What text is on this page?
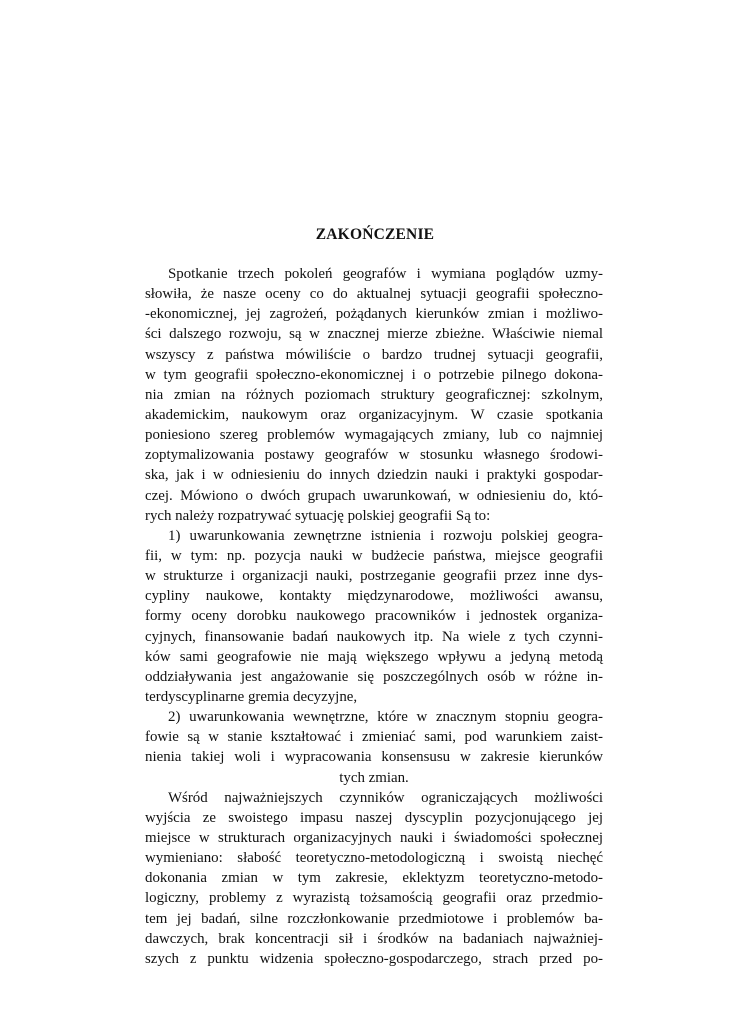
ZAKOŃCZENIE
Spotkanie trzech pokoleń geografów i wymiana poglądów uzmy-
słowiła, że nasze oceny co do aktualnej sytuacji geografii społeczno-
-ekonomicznej, jej zagrożeń, pożądanych kierunków zmian i możliwo-
ści dalszego rozwoju, są w znacznej mierze zbieżne. Właściwie niemal
wszyscy z państwa mówiliście o bardzo trudnej sytuacji geografii,
w tym geografii społeczno-ekonomicznej i o potrzebie pilnego dokona-
nia zmian na różnych poziomach struktury geograficznej: szkolnym,
akademickim, naukowym oraz organizacyjnym. W czasie spotkania
poniesiono szereg problemów wymagających zmiany, lub co najmniej
zoptymalizowania postawy geografów w stosunku własnego środowi-
ska, jak i w odniesieniu do innych dziedzin nauki i praktyki gospodar-
czej. Mówiono o dwóch grupach uwarunkowań, w odniesieniu do, któ-
rych należy rozpatrywać sytuację polskiej geografii Są to:
1) uwarunkowania zewnętrzne istnienia i rozwoju polskiej geogra-
fii, w tym: np. pozycja nauki w budżecie państwa, miejsce geografii
w strukturze i organizacji nauki, postrzeganie geografii przez inne dys-
cypliny naukowe, kontakty międzynarodowe, możliwości awansu,
formy oceny dorobku naukowego pracowników i jednostek organiza-
cyjnych, finansowanie badań naukowych itp. Na wiele z tych czynni-
ków sami geografowie nie mają większego wpływu a jedyną metodą
oddziaływania jest angażowanie się poszczególnych osób w różne in-
terdyscyplinarne gremia decyzyjne,
2) uwarunkowania wewnętrzne, które w znacznym stopniu geogra-
fowie są w stanie kształtować i zmieniać sami, pod warunkiem zaist-
nienia takiej woli i wypracowania konsensusu w zakresie kierunków
tych zmian.
Wśród najważniejszych czynników ograniczających możliwości
wyjścia ze swoistego impasu naszej dyscyplin pozycjonującego jej
miejsce w strukturach organizacyjnych nauki i świadomości społecznej
wymieniano: słabość teoretyczno-metodologiczną i swoistą niechęć
dokonania zmian w tym zakresie, eklektyzm teoretyczno-metodo-
logiczny, problemy z wyrazistą tożsamością geografii oraz przedmio-
tem jej badań, silne rozczłonkowanie przedmiotowe i problemów ba-
dawczych, brak koncentracji sił i środków na badaniach najważniej-
szych z punktu widzenia społeczno-gospodarczego, strach przed po-
